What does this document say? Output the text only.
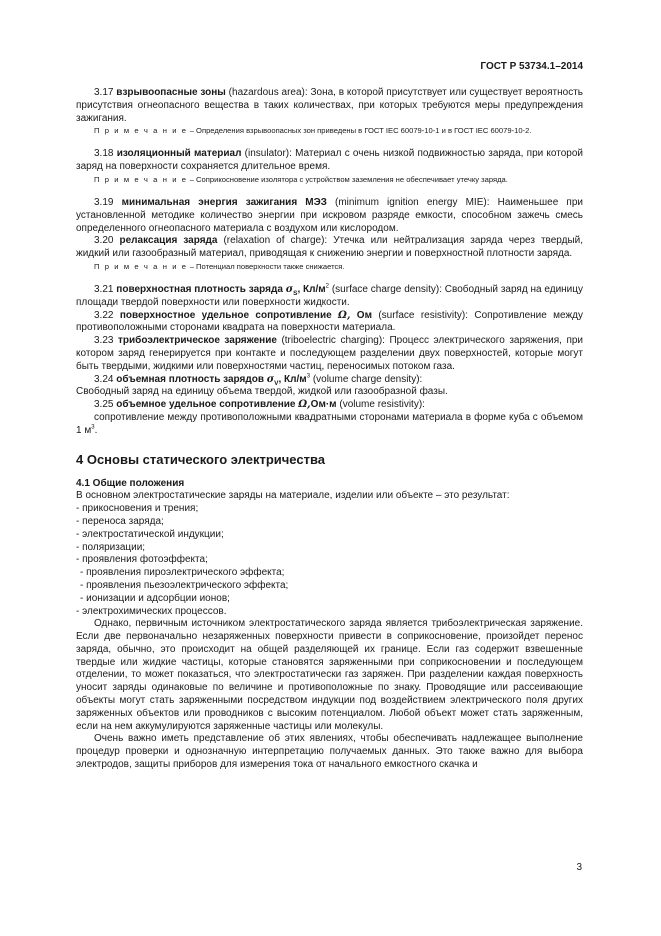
ГОСТ Р 53734.1–2014

3.17 взрывоопасные зоны (hazardous area): Зона, в которой присутствует или существует вероятность присутствия огнеопасного вещества в таких количествах, при которых требуются меры предупреждения зажигания.

П р и м е ч а н и е – Определения взрывоопасных зон приведены в ГОСТ IEC 60079-10-1 и в ГОСТ IEC 60079-10-2.

3.18 изоляционный материал (insulator): Материал с очень низкой подвижностью заряда, при которой заряд на поверхности сохраняется длительное время.

П р и м е ч а н и е – Соприкосновение изолятора с устройством заземления не обеспечивает утечку заряда.

3.19 минимальная энергия зажигания МЭЗ (minimum ignition energy MIE): Наименьшее при установленной методике количество энергии при искровом разряде емкости, способном зажечь смесь определенного огнеопасного материала с воздухом или кислородом.

3.20 релаксация заряда (relaxation of charge): Утечка или нейтрализация заряда через твердый, жидкий или газообразный материал, приводящая к снижению энергии и поверхностной плотности заряда.

П р и м е ч а н и е – Потенциал поверхности также снижается.

3.21 поверхностная плотность заряда $\sigma_S$, $Кл/м^2$ (surface charge density): Свободный заряд на единицу площади твердой поверхности или поверхности жидкости.

3.22 поверхностное удельное сопротивление Ω, Ом (surface resistivity): Сопротивление между противоположными сторонами квадрата на поверхности материала.

3.23 трибоэлектрическое заряжение (triboelectric charging): Процесс электрического заряжения, при котором заряд генерируется при контакте и последующем разделении двух поверхностей, которые могут быть твердыми, жидкими или поверхностями частиц, переносимых потоком газа.

3.24 объемная плотность зарядов $\sigma_V$, $Кл/м^3$ (volume charge density):

Свободный заряд на единицу объема твердой, жидкой или газообразной фазы.

3.25 объемное удельное сопротивление Ω,Ом·м (volume resistivity):

сопротивление между противоположными квадратными сторонами материала в форме куба с объемом 1 $м^3$.

4 Основы статического электричества

4.1 Общие положения

В основном электростатические заряды на материале, изделии или объекте – это результат:

- прикосновения и трения;

- переноса заряда;

- электростатической индукции;

- поляризации;

- проявления фотоэффекта;

- проявления пироэлектрического эффекта;

- проявления пьезоэлектрического эффекта;

- ионизации и адсорбции ионов;

- электрохимических процессов.

Однако, первичным источником электростатического заряда является трибоэлектрическая заряжение. Если две первоначально незаряженных поверхности привести в соприкосновение, произойдет перенос заряда, обычно, это происходит на общей разделяющей их границе. Если газ содержит взвешенные твердые или жидкие частицы, которые становятся заряженными при соприкосновении и последующем отделении, то может показаться, что электростатически газ заряжен. При разделении каждая поверхность уносит заряды одинаковые по величине и противоположные по знаку. Проводящие или рассеивающие объекты могут стать заряженными посредством индукции под воздействием электрического поля других заряженных объектов или проводников с высоким потенциалом. Любой объект может стать заряженным, если на нем аккумулируются заряженные частицы или молекулы.

Очень важно иметь представление об этих явлениях, чтобы обеспечивать надлежащее выполнение процедур проверки и однозначную интерпретацию получаемых данных. Это также важно для выбора электродов, защиты приборов для измерения тока от начального емкостного скачка и

3
